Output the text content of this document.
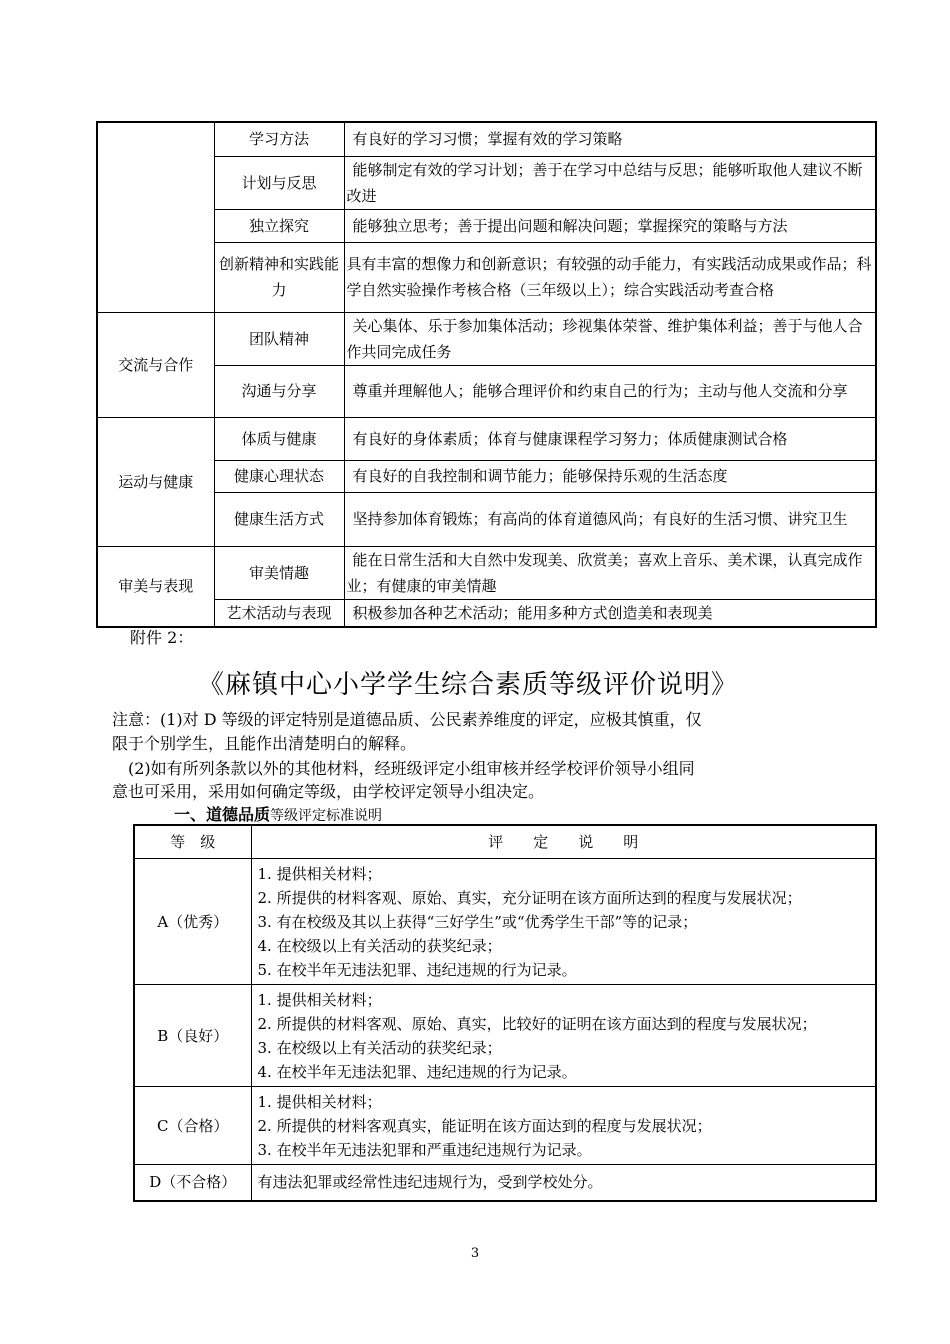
	学习方法	有良好的学习习惯；掌握有效的学习策略
	计划与反思	能够制定有效的学习计划；善于在学习中总结与反思；能够听取他人建议不断改进
	独立探究	能够独立思考；善于提出问题和解决问题；掌握探究的策略与方法
	创新精神和实践能力	具有丰富的想像力和创新意识；有较强的动手能力，有实践活动成果或作品；科学自然实验操作考核合格（三年级以上）；综合实践活动考查合格
交流与合作	团队精神	关心集体、乐于参加集体活动；珍视集体荣誉、维护集体利益；善于与他人合作共同完成任务
	沟通与分享	尊重并理解他人；能够合理评价和约束自己的行为；主动与他人交流和分享
运动与健康	体质与健康	有良好的身体素质；体育与健康课程学习努力；体质健康测试合格
	健康心理状态	有良好的自我控制和调节能力；能够保持乐观的生活态度
	健康生活方式	坚持参加体育锻炼；有高尚的体育道德风尚；有良好的生活习惯、讲究卫生
审美与表现	审美情趣	能在日常生活和大自然中发现美、欣赏美；喜欢上音乐、美术课，认真完成作业；有健康的审美情趣
	艺术活动与表现	积极参加各种艺术活动；能用多种方式创造美和表现美
附件 2：
《麻镇中心小学学生综合素质等级评价说明》
注意：(1)对 D 等级的评定特别是道德品质、公民素养维度的评定，应极其慎重，仅
限于个别学生，且能作出清楚明白的解释。
(2)如有所列条款以外的其他材料，经班级评定小组审核并经学校评价领导小组同
意也可采用，采用如何确定等级，由学校评定领导小组决定。
一、道德品质等级评定标准说明
等　级	评　　定　　说　　明
A（优秀）	1. 提供相关材料；
2. 所提供的材料客观、原始、真实，充分证明在该方面所达到的程度与发展状况；
3. 有在校级及其以上获得“三好学生”或“优秀学生干部”等的记录；
4. 在校级以上有关活动的获奖纪录；
5. 在校半年无违法犯罪、违纪违规的行为记录。

B（良好）	1. 提供相关材料；
2. 所提供的材料客观、原始、真实，比较好的证明在该方面达到的程度与发展状况；
3. 在校级以上有关活动的获奖纪录；
4. 在校半年无违法犯罪、违纪违规的行为记录。

C（合格）	1. 提供相关材料；
2. 所提供的材料客观真实，能证明在该方面达到的程度与发展状况；
3. 在校半年无违法犯罪和严重违纪违规行为记录。

D（不合格）	有违法犯罪或经常性违纪违规行为，受到学校处分。
3
